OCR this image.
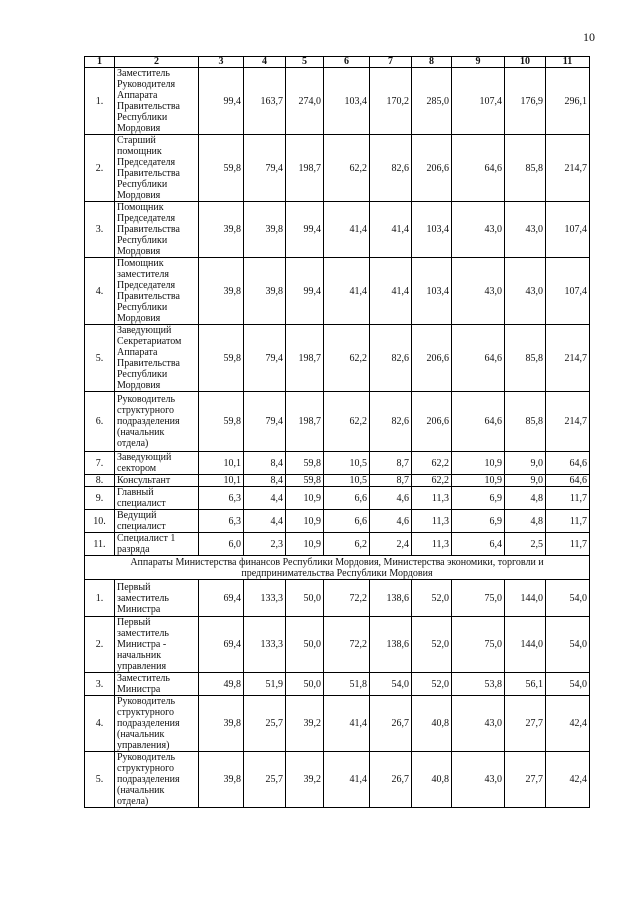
10
1	2	3	4	5	6	7	8	9	10	11
1.	Заместитель Руководителя Аппарата Правительства Республики Мордовия	99,4	163,7	274,0	103,4	170,2	285,0	107,4	176,9	296,1
2.	Старший помощник Председателя Правительства Республики Мордовия	59,8	79,4	198,7	62,2	82,6	206,6	64,6	85,8	214,7
3.	Помощник Председателя Правительства Республики Мордовия	39,8	39,8	99,4	41,4	41,4	103,4	43,0	43,0	107,4
4.	Помощник заместителя Председателя Правительства Республики Мордовия	39,8	39,8	99,4	41,4	41,4	103,4	43,0	43,0	107,4
5.	Заведующий Секретариатом Аппарата Правительства Республики Мордовия	59,8	79,4	198,7	62,2	82,6	206,6	64,6	85,8	214,7
6.	Руководитель структурного подразделения (начальник отдела)	59,8	79,4	198,7	62,2	82,6	206,6	64,6	85,8	214,7
7.	Заведующий сектором	10,1	8,4	59,8	10,5	8,7	62,2	10,9	9,0	64,6
8.	Консультант	10,1	8,4	59,8	10,5	8,7	62,2	10,9	9,0	64,6
9.	Главный специалист	6,3	4,4	10,9	6,6	4,6	11,3	6,9	4,8	11,7
10.	Ведущий специалист	6,3	4,4	10,9	6,6	4,6	11,3	6,9	4,8	11,7
11.	Специалист 1 разряда	6,0	2,3	10,9	6,2	2,4	11,3	6,4	2,5	11,7
Аппараты Министерства финансов Республики Мордовия, Министерства экономики, торговли и предпринимательства Республики Мордовия										
1.	Первый заместитель Министра	69,4	133,3	50,0	72,2	138,6	52,0	75,0	144,0	54,0
2.	Первый заместитель Министра - начальник управления	69,4	133,3	50,0	72,2	138,6	52,0	75,0	144,0	54,0
3.	Заместитель Министра	49,8	51,9	50,0	51,8	54,0	52,0	53,8	56,1	54,0
4.	Руководитель структурного подразделения (начальник управления)	39,8	25,7	39,2	41,4	26,7	40,8	43,0	27,7	42,4
5.	Руководитель структурного подразделения (начальник отдела)	39,8	25,7	39,2	41,4	26,7	40,8	43,0	27,7	42,4
